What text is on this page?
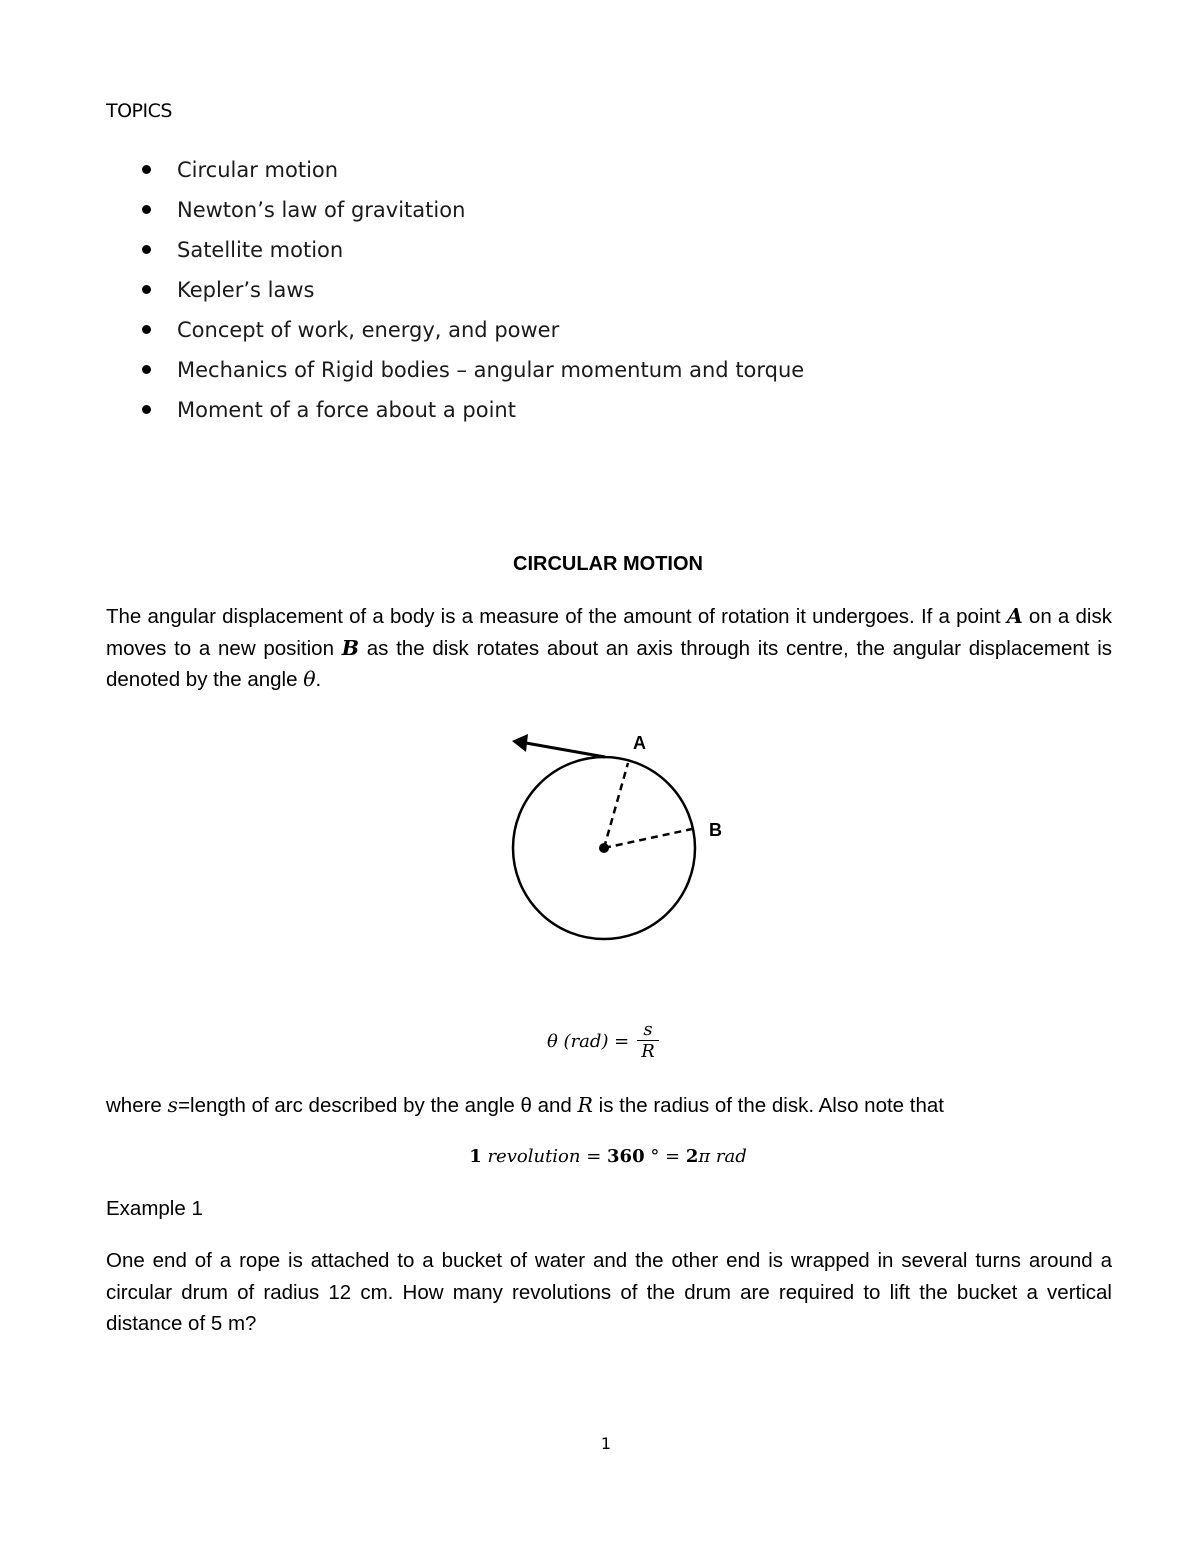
TOPICS
Circular motion
Newton’s law of gravitation
Satellite motion
Kepler’s laws
Concept of work, energy, and power
Mechanics of Rigid bodies – angular momentum and torque
Moment of a force about a point
CIRCULAR MOTION

The angular displacement of a body is a measure of the amount of rotation it undergoes. If a point A on a disk moves to a new position B as the disk rotates about an axis through its centre, the angular displacement is denoted by the angle θ.

A
B
θ $(rad) = \frac{s}{R}$
where s=length of arc described by the angle θ and R is the radius of the disk. Also note that
1 revolution = 360 ° = 2π rad
Example 1

One end of a rope is attached to a bucket of water and the other end is wrapped in several turns around a circular drum of radius 12 cm. How many revolutions of the drum are required to lift the bucket a vertical distance of 5 m?

1
